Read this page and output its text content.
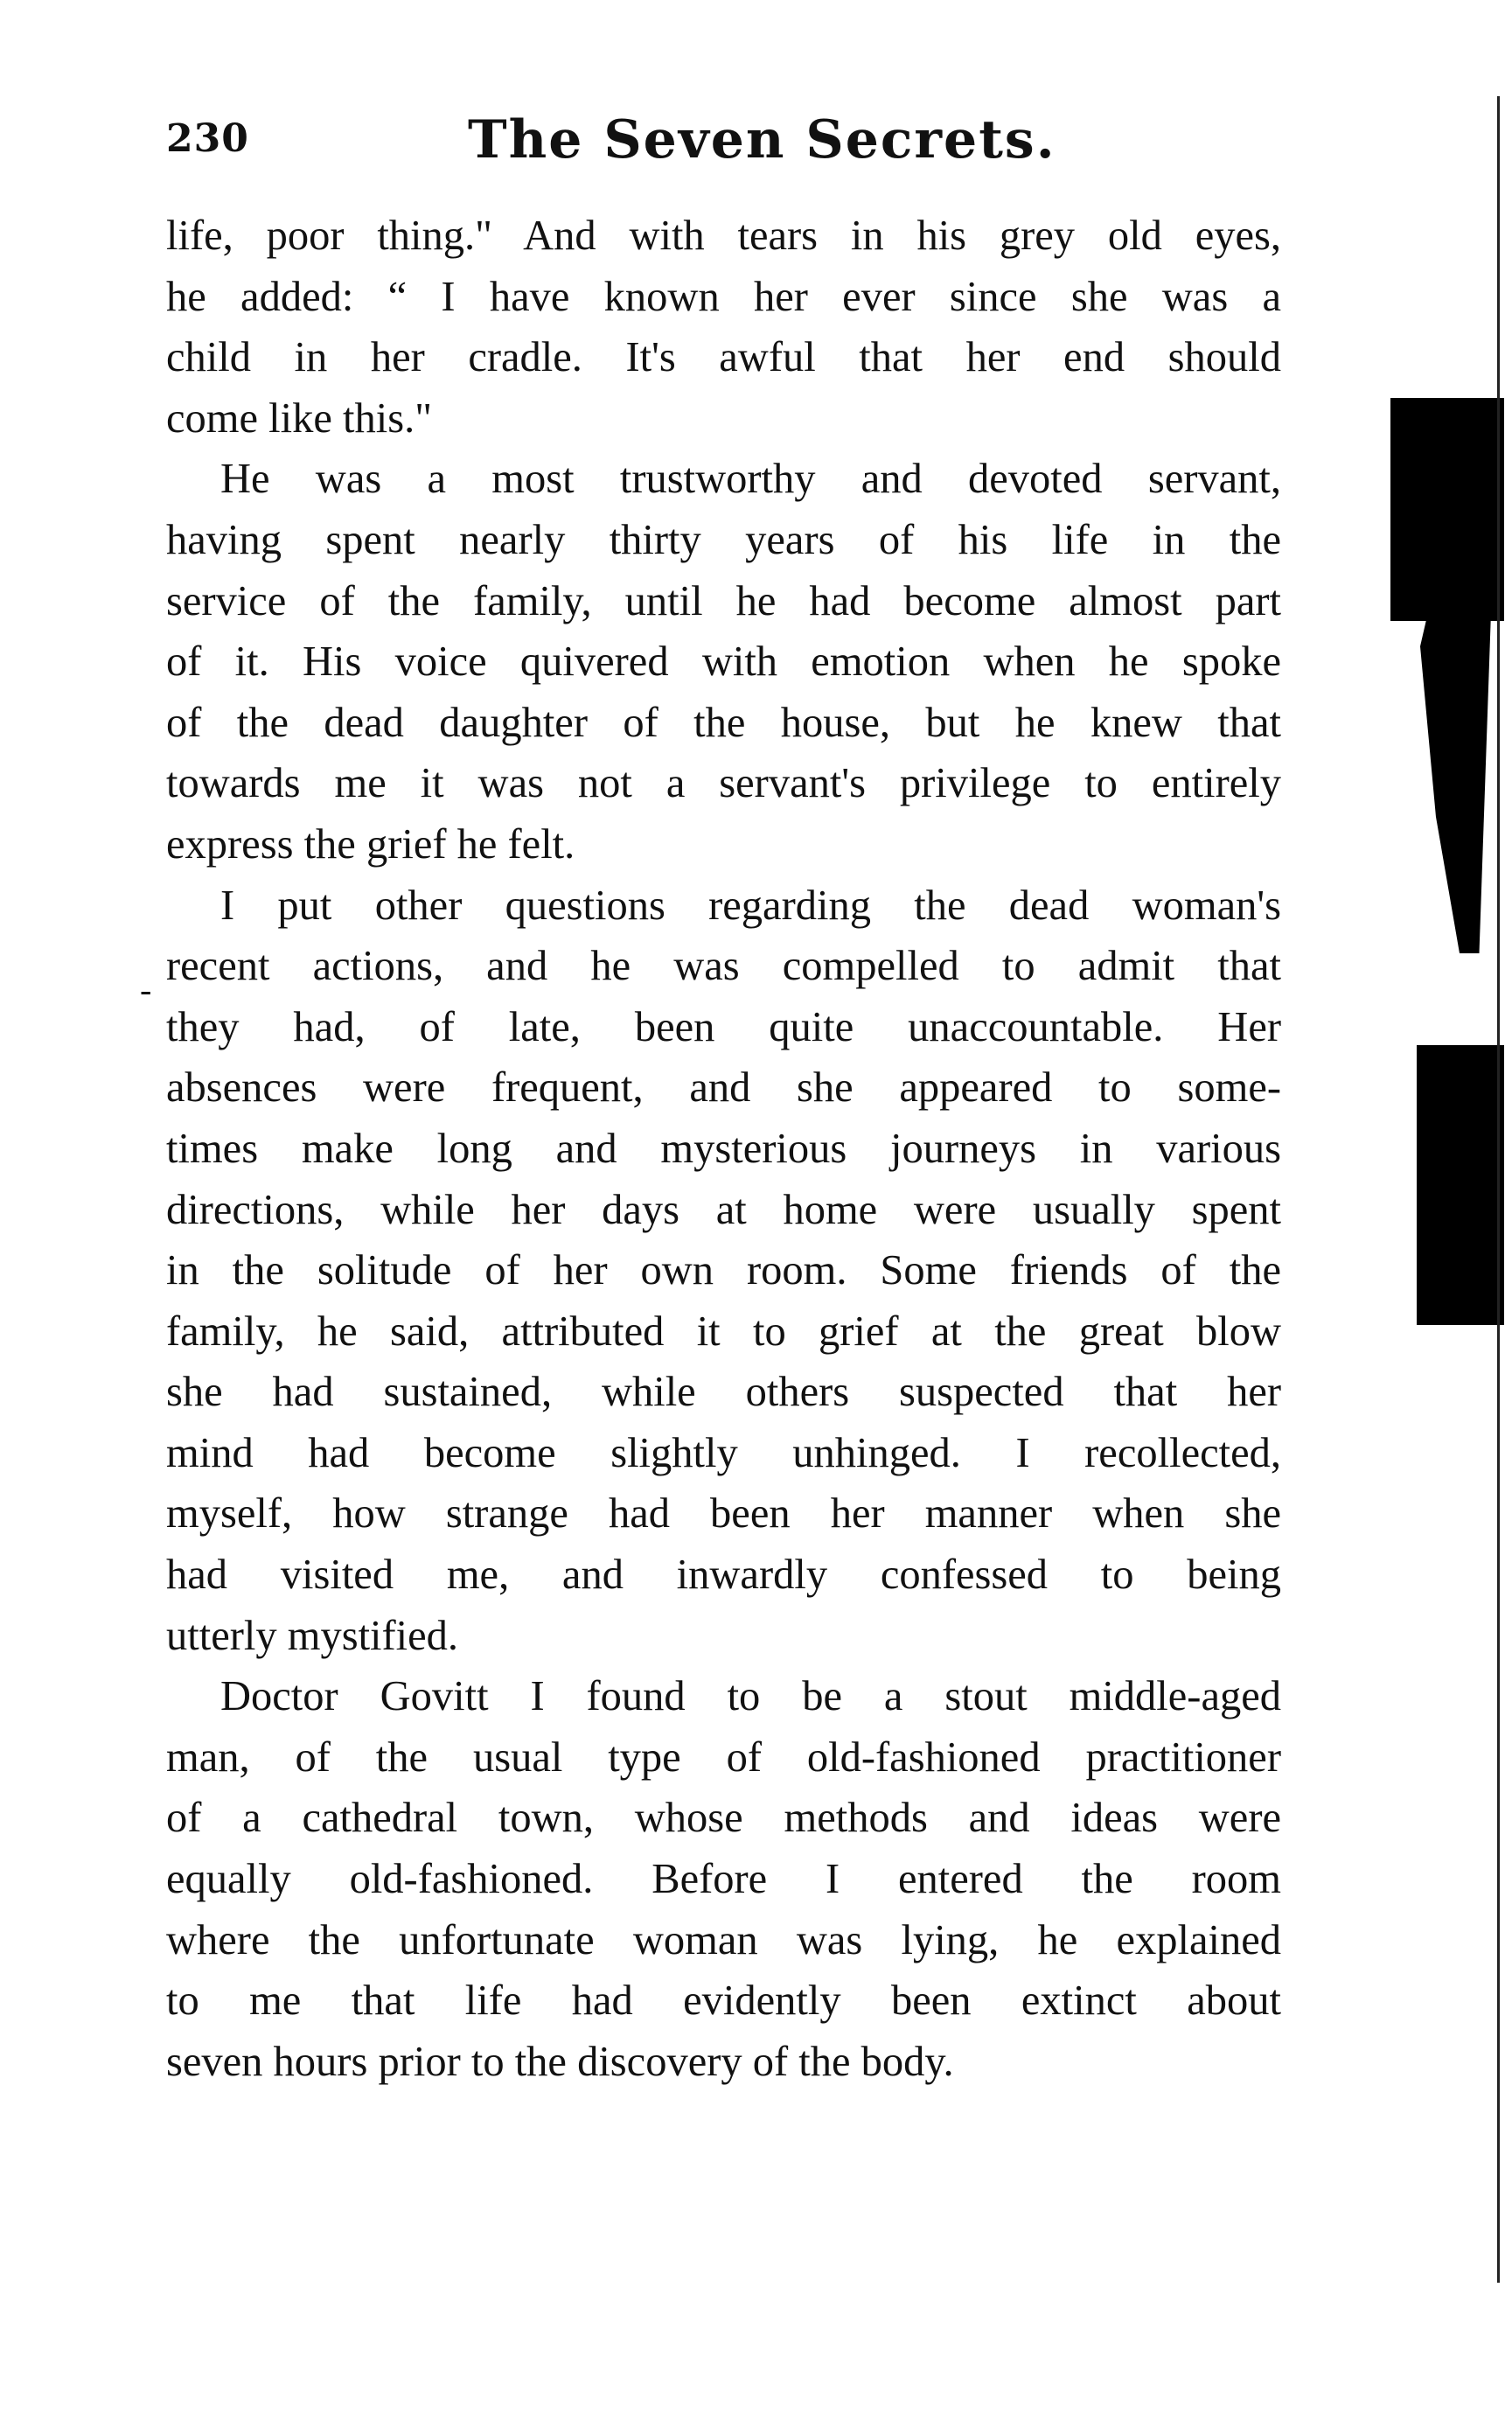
230	The Seven Secrets.
-

life, poor thing." And with tears in his grey old eyes,
he added: “ I have known her ever since she was a
child in her cradle. It's awful that her end should
come like this."

He was a most trustworthy and devoted servant,
having spent nearly thirty years of his life in the
service of the family, until he had become almost part
of it. His voice quivered with emotion when he spoke
of the dead daughter of the house, but he knew that
towards me it was not a servant's privilege to entirely
express the grief he felt.

I put other questions regarding the dead woman's
recent actions, and he was compelled to admit that
they had, of late, been quite unaccountable. Her
absences were frequent, and she appeared to some-
times make long and mysterious journeys in various
directions, while her days at home were usually spent
in the solitude of her own room. Some friends of the
family, he said, attributed it to grief at the great blow
she had sustained, while others suspected that her
mind had become slightly unhinged. I recollected,
myself, how strange had been her manner when she
had visited me, and inwardly confessed to being
utterly mystified.

Doctor Govitt I found to be a stout middle-aged
man, of the usual type of old-fashioned practitioner
of a cathedral town, whose methods and ideas were
equally old-fashioned. Before I entered the room
where the unfortunate woman was lying, he explained
to me that life had evidently been extinct about
seven hours prior to the discovery of the body.
